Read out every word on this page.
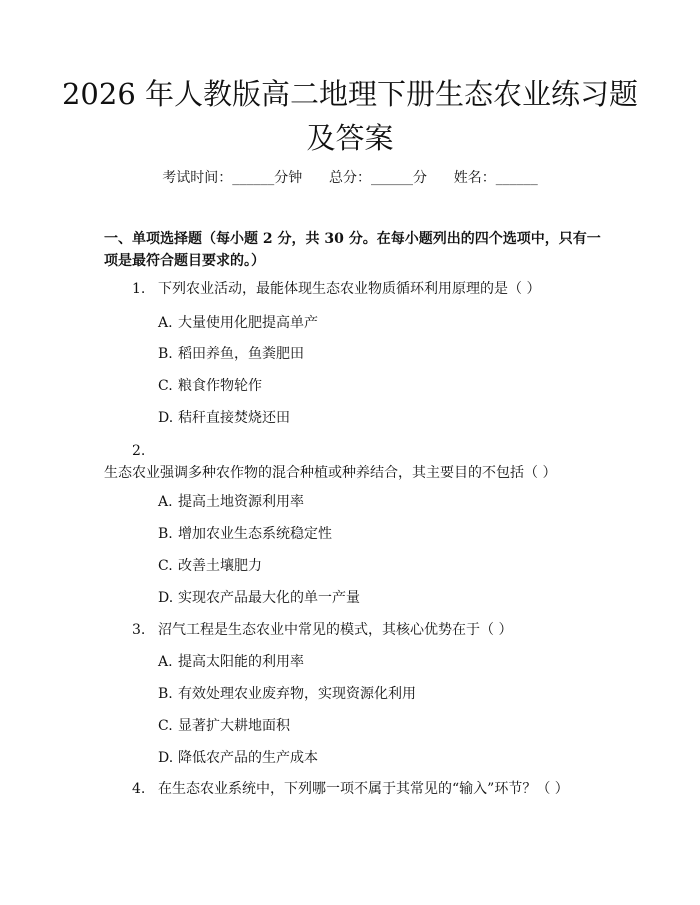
2026 年人教版高二地理下册生态农业练习题及答案
考试时间：______分钟      总分：______分      姓名：______
一、单项选择题（每小题 2 分，共 30 分。在每小题列出的四个选项中，只有一项是最符合题目要求的。）
1. 下列农业活动，最能体现生态农业物质循环利用原理的是（ ）
A. 大量使用化肥提高单产
B. 稻田养鱼，鱼粪肥田
C. 粮食作物轮作
D. 秸秆直接焚烧还田
2.生态农业强调多种农作物的混合种植或种养结合，其主要目的不包括（ ）
A. 提高土地资源利用率
B. 增加农业生态系统稳定性
C. 改善土壤肥力
D. 实现农产品最大化的单一产量
3. 沼气工程是生态农业中常见的模式，其核心优势在于（ ）
A. 提高太阳能的利用率
B. 有效处理农业废弃物，实现资源化利用
C. 显著扩大耕地面积
D. 降低农产品的生产成本
4. 在生态农业系统中，下列哪一项不属于其常见的“输入”环节？（ ）
